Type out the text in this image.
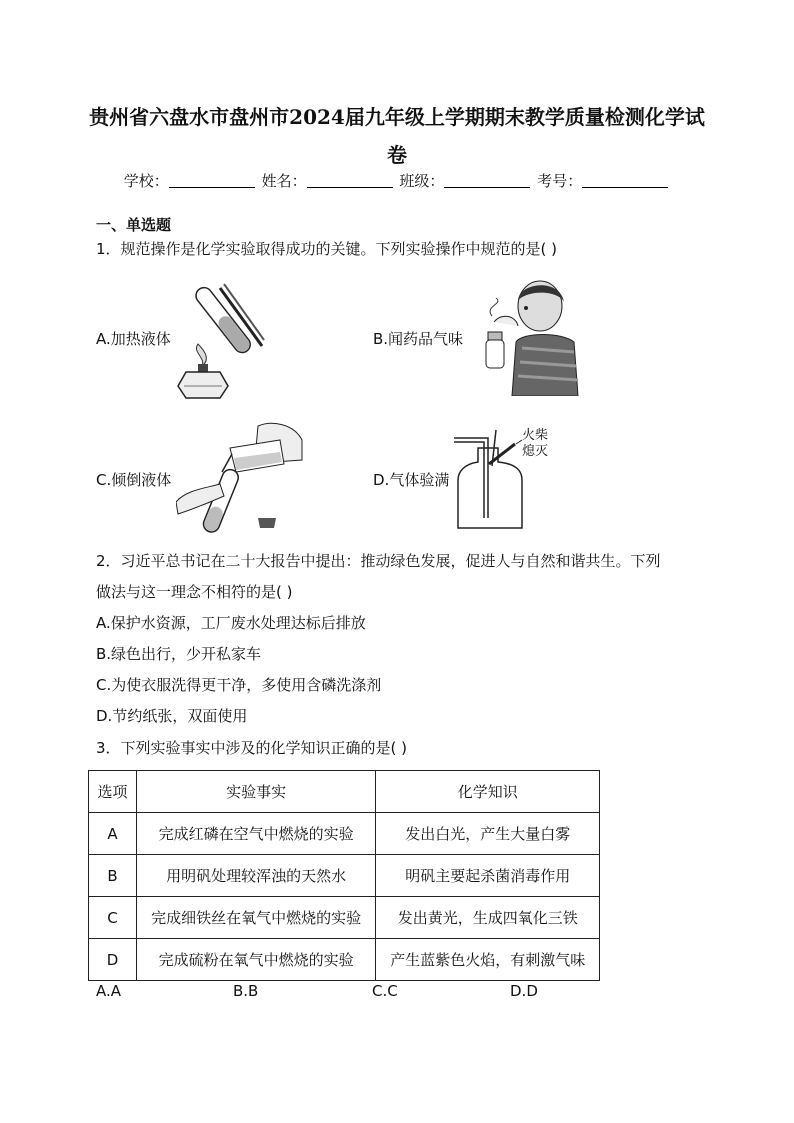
贵州省六盘水市盘州市2024届九年级上学期期末教学质量检测化学试卷
学校：	姓名：	班级：	考号：
一、单选题
1．规范操作是化学实验取得成功的关键。下列实验操作中规范的是( )
A.加热液体	B.闻药品气味
C.倾倒液体	D.气体验满
火柴熄灭
2．习近平总书记在二十大报告中提出：推动绿色发展，促进人与自然和谐共生。下列
做法与这一理念不相符的是( )
A.保护水资源，工厂废水处理达标后排放
B.绿色出行，少开私家车
C.为使衣服洗得更干净，多使用含磷洗涤剂
D.节约纸张，双面使用
3．下列实验事实中涉及的化学知识正确的是( )
选项	实验事实	化学知识
A	完成红磷在空气中燃烧的实验	发出白光，产生大量白雾
B	用明矾处理较浑浊的天然水	明矾主要起杀菌消毒作用
C	完成细铁丝在氧气中燃烧的实验	发出黄光，生成四氧化三铁
D	完成硫粉在氧气中燃烧的实验	产生蓝紫色火焰，有刺激气味
A.A	B.B	C.C	D.D
